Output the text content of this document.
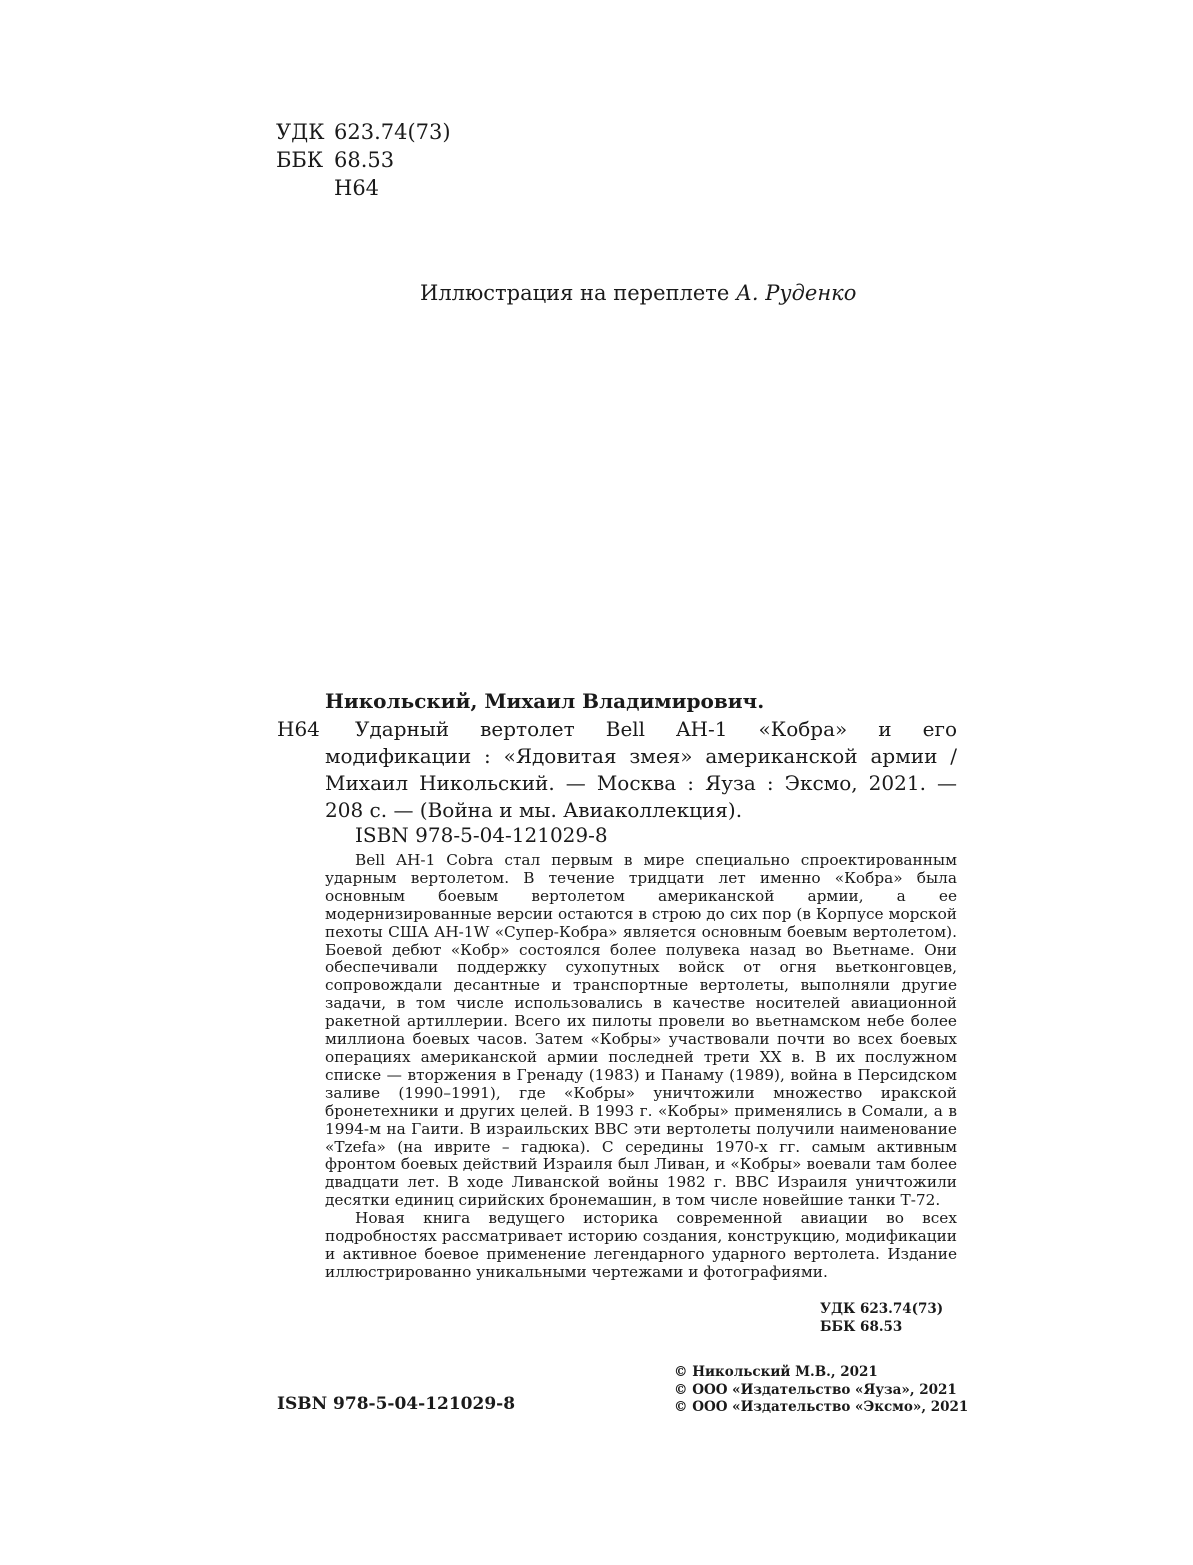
УДК 623.74(73)
ББК 68.53
Н64
Иллюстрация на переплете А. Руденко
Никольский, Михаил Владимирович.
Н64	Ударный вертолет Bell AH-1 «Кобра» и его модификации : «Ядовитая змея» американской армии / Михаил Никольский. — Москва : Яуза : Эксмо, 2021. — 208 с. — (Война и мы. Авиаколлекция).
ISBN 978-5-04-121029-8

Bell AH-1 Cobra стал первым в мире специально спроектированным ударным вертолетом. В течение тридцати лет именно «Кобра» была основным боевым вертолетом американской армии, а ее модернизированные версии остаются в строю до сих пор (в Корпусе морской пехоты США AH-1W «Супер-Кобра» является основным боевым вертолетом). Боевой дебют «Кобр» состоялся более полувека назад во Вьетнаме. Они обеспечивали поддержку сухопутных войск от огня вьетконговцев, сопровождали десантные и транспортные вертолеты, выполняли другие задачи, в том числе использовались в качестве носителей авиационной ракетной артиллерии. Всего их пилоты провели во вьетнамском небе более миллиона боевых часов. Затем «Кобры» участвовали почти во всех боевых операциях американской армии последней трети XX в. В их послужном списке — вторжения в Гренаду (1983) и Панаму (1989), война в Персидском заливе (1990–1991), где «Кобры» уничтожили множество иракской бронетехники и других целей. В 1993 г. «Кобры» применялись в Сомали, а в 1994-м на Гаити. В израильских ВВС эти вертолеты получили наименование «Tzefa» (на иврите – гадюка). С середины 1970-х гг. самым активным фронтом боевых действий Израиля был Ливан, и «Кобры» воевали там более двадцати лет. В ходе Ливанской войны 1982 г. ВВС Израиля уничтожили десятки единиц сирийских бронемашин, в том числе новейшие танки Т-72.

Новая книга ведущего историка современной авиации во всех подробностях рассматривает историю создания, конструкцию, модификации и активное боевое применение легендарного ударного вертолета. Издание иллюстрированно уникальными чертежами и фотографиями.

УДК 623.74(73)
ББК 68.53
ISBN 978-5-04-121029-8
© Никольский М.В., 2021
© ООО «Издательство «Яуза», 2021
© ООО «Издательство «Эксмо», 2021
